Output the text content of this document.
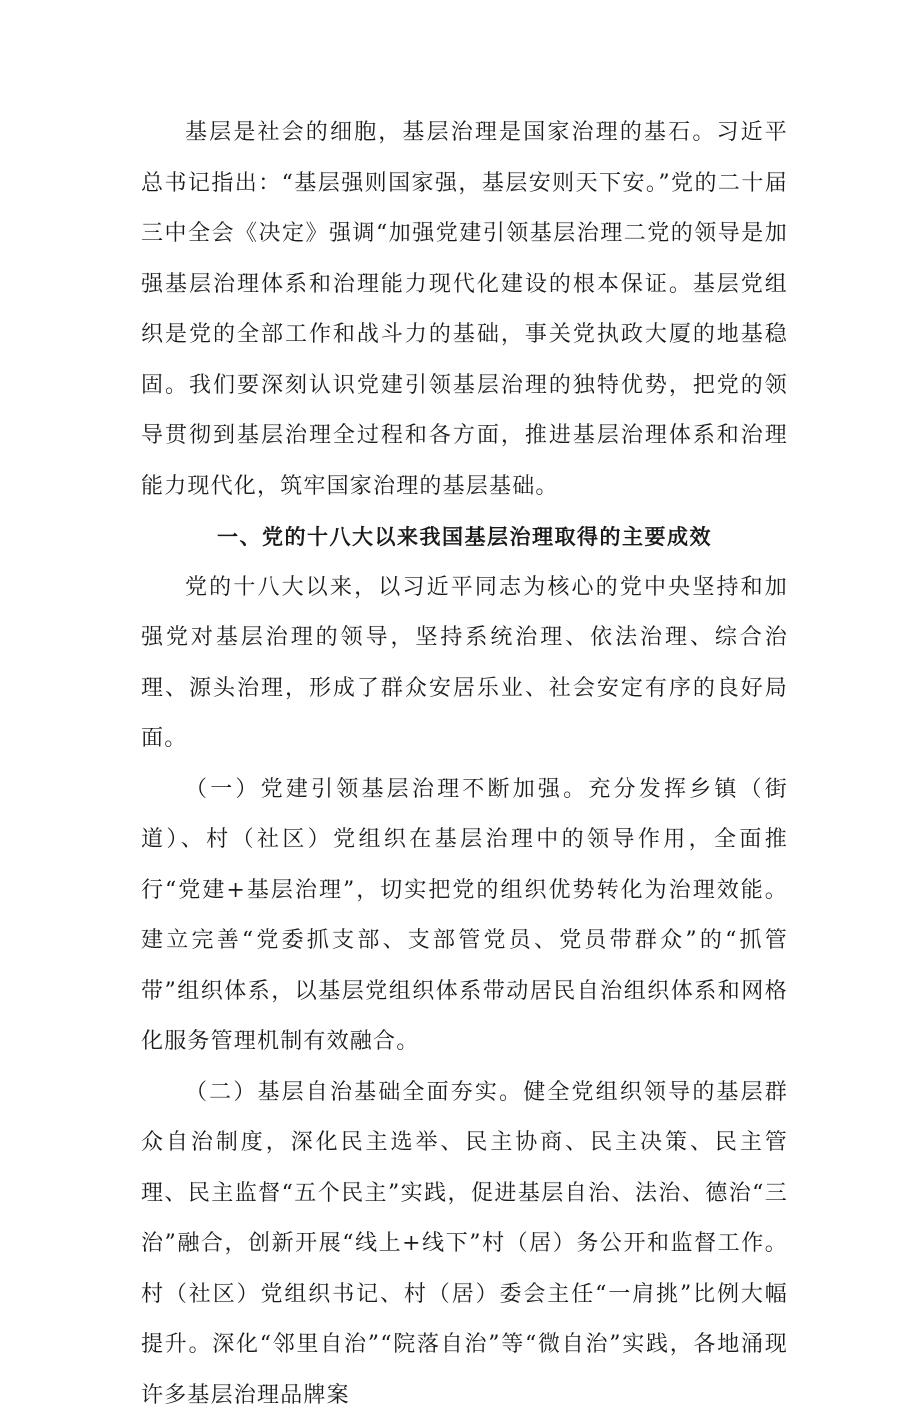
基层是社会的细胞，基层治理是国家治理的基石。习近平总书记指出：“基层强则国家强，基层安则天下安。”党的二十届三中全会《决定》强调“加强党建引领基层治理二党的领导是加强基层治理体系和治理能力现代化建设的根本保证。基层党组织是党的全部工作和战斗力的基础，事关党执政大厦的地基稳固。我们要深刻认识党建引领基层治理的独特优势，把党的领导贯彻到基层治理全过程和各方面，推进基层治理体系和治理能力现代化，筑牢国家治理的基层基础。

一、党的十八大以来我国基层治理取得的主要成效

党的十八大以来，以习近平同志为核心的党中央坚持和加强党对基层治理的领导，坚持系统治理、依法治理、综合治理、源头治理，形成了群众安居乐业、社会安定有序的良好局面。

（一）党建引领基层治理不断加强。充分发挥乡镇（街道）、村（社区）党组织在基层治理中的领导作用，全面推行“党建+基层治理”，切实把党的组织优势转化为治理效能。建立完善“党委抓支部、支部管党员、党员带群众”的“抓管带”组织体系，以基层党组织体系带动居民自治组织体系和网格化服务管理机制有效融合。

（二）基层自治基础全面夯实。健全党组织领导的基层群众自治制度，深化民主选举、民主协商、民主决策、民主管理、民主监督“五个民主”实践，促进基层自治、法治、德治“三治”融合，创新开展“线上+线下”村（居）务公开和监督工作。村（社区）党组织书记、村（居）委会主任“一肩挑”比例大幅提升。深化“邻里自治”“院落自治”等“微自治”实践，各地涌现许多基层治理品牌案
